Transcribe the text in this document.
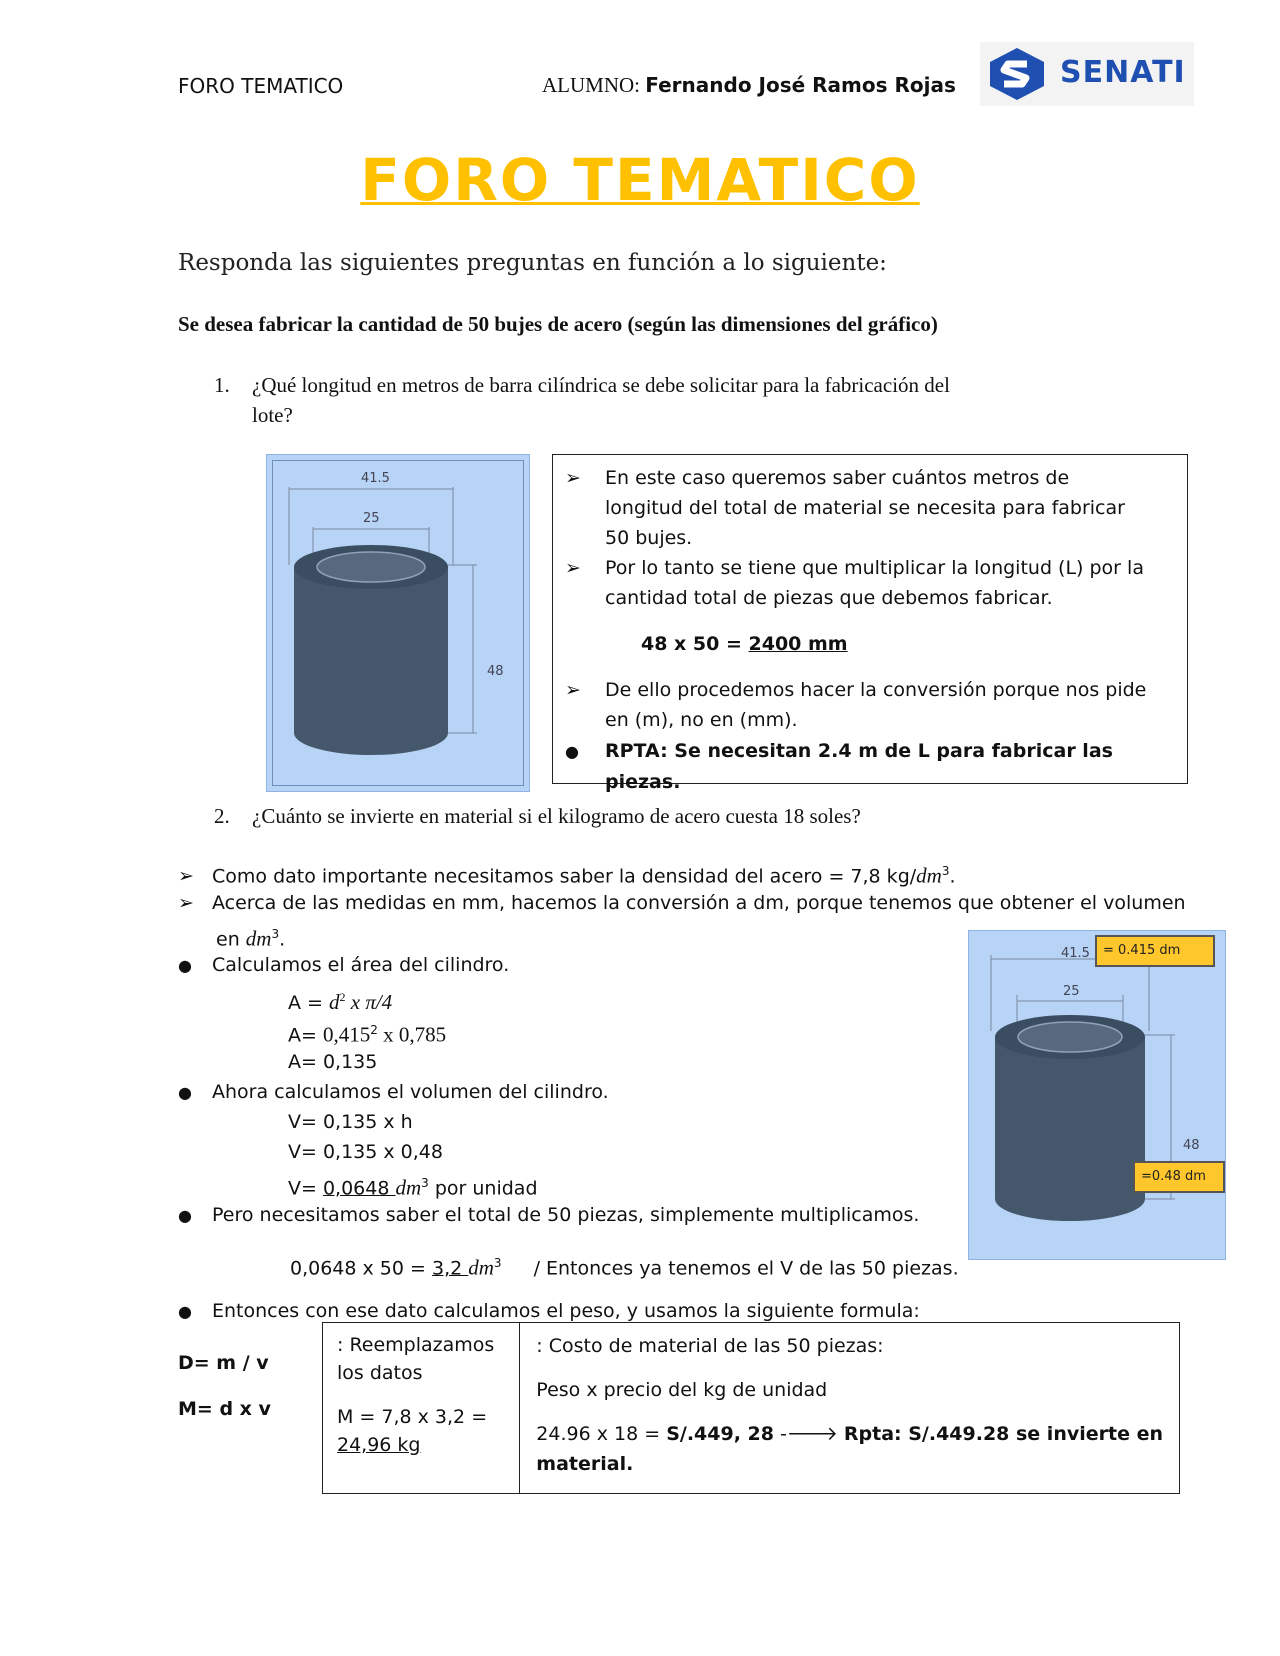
FORO TEMATICO	ALUMNO: Fernando José Ramos Rojas	SENATI
FORO TEMATICO
Responda las siguientes preguntas en función a lo siguiente:
Se desea fabricar la cantidad de 50 bujes de acero (según las dimensiones del gráfico)
1. ¿Qué longitud en metros de barra cilíndrica se debe solicitar para la fabricación del
lote?
41.5
25
48
➢ En este caso queremos saber cuántos metros de
longitud del total de material se necesita para fabricar
50 bujes.
➢ Por lo tanto se tiene que multiplicar la longitud (L) por la
cantidad total de piezas que debemos fabricar.
48 x 50 = 2400 mm
➢ De ello procedemos hacer la conversión porque nos pide
en (m), no en (mm).
● RPTA: Se necesitan 2.4 m de L para fabricar las piezas.
2. ¿Cuánto se invierte en material si el kilogramo de acero cuesta 18 soles?
➢ Como dato importante necesitamos saber la densidad del acero = 7,8 $kg/dm^3$.
➢ Acerca de las medidas en mm, hacemos la conversión a dm, porque tenemos que obtener el volumen
en $dm^3$.
● Calculamos el área del cilindro.
$A = d^2$ x π/4
$A= 0,415^2$ x 0,785
A= 0,135
● Ahora calculamos el volumen del cilindro.
V= 0,135 x h
V= 0,135 x 0,48
V= 0,0648 $dm^3$ por unidad
● Pero necesitamos saber el total de 50 piezas, simplemente multiplicamos.
0,0648 x 50 = 3,2 $dm^3$ / Entonces ya tenemos el V de las 50 piezas.
● Entonces con ese dato calculamos el peso, y usamos la siguiente formula:
41.5
25
48
= 0.415 dm
=0.48 dm
D= m / v
M= d x v
: Reemplazamos los datos
M = 7,8 x 3,2 = 24,96 kg

: Costo de material de las 50 piezas:
Peso x precio del kg de unidad
24.96 x 18 = S/.449, 28 -🡒 Rpta: S/.449.28 se invierte en
material.
